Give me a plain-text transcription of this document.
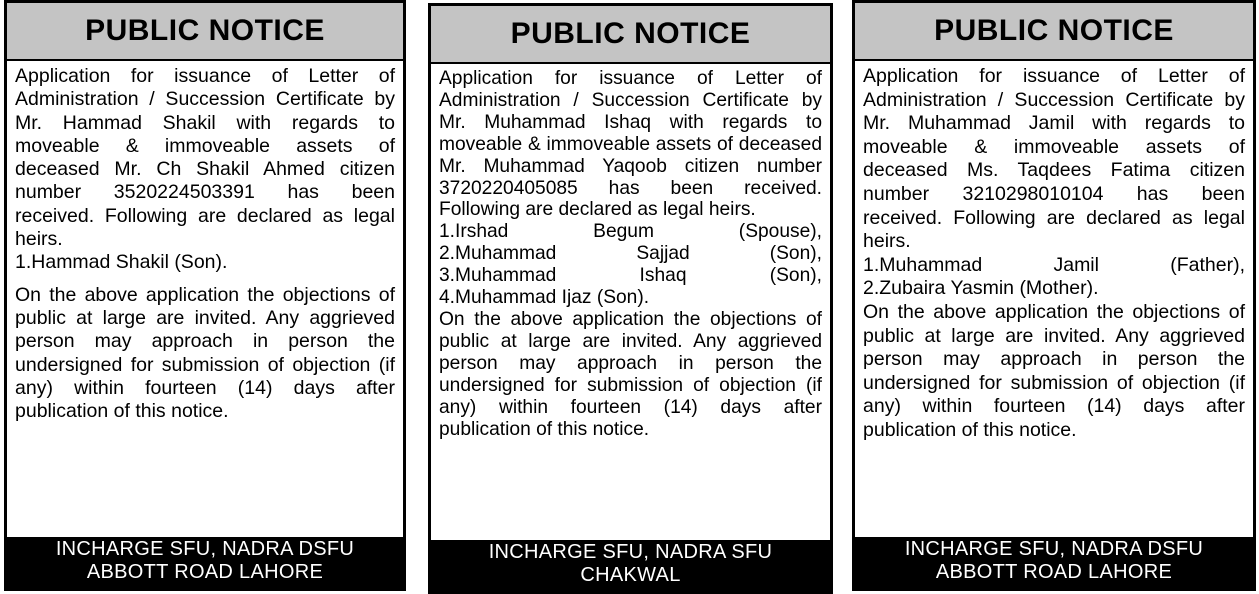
PUBLIC NOTICE

Application for issuance of Letter of Administration / Succession Certificate by Mr. Hammad Shakil with regards to moveable & immoveable assets of deceased Mr. Ch Shakil Ahmed citizen number 3520224503391 has been received. Following are declared as legal heirs.

1.Hammad Shakil (Son).

On the above application the objections of public at large are invited. Any aggrieved person may approach in person the undersigned for submission of objection (if any) within fourteen (14) days after publication of this notice.

INCHARGE SFU, NADRA DSFU
ABBOTT ROAD LAHORE
PUBLIC NOTICE

Application for issuance of Letter of Administration / Succession Certificate by Mr. Muhammad Ishaq with regards to moveable & immoveable assets of deceased Mr. Muhammad Yaqoob citizen number 3720220405085 has been received. Following are declared as legal heirs.

1.Irshad Begum (Spouse),
2.Muhammad Sajjad (Son),
3.Muhammad Ishaq (Son),
4.Muhammad Ijaz (Son).

On the above application the objections of public at large are invited. Any aggrieved person may approach in person the undersigned for submission of objection (if any) within fourteen (14) days after publication of this notice.

INCHARGE SFU, NADRA SFU
CHAKWAL
PUBLIC NOTICE

Application for issuance of Letter of Administration / Succession Certificate by Mr. Muhammad Jamil with regards to moveable & immoveable assets of deceased Ms. Taqdees Fatima citizen number 3210298010104 has been received. Following are declared as legal heirs.

1.Muhammad Jamil (Father),
2.Zubaira Yasmin (Mother).

On the above application the objections of public at large are invited. Any aggrieved person may approach in person the undersigned for submission of objection (if any) within fourteen (14) days after publication of this notice.

INCHARGE SFU, NADRA DSFU
ABBOTT ROAD LAHORE
